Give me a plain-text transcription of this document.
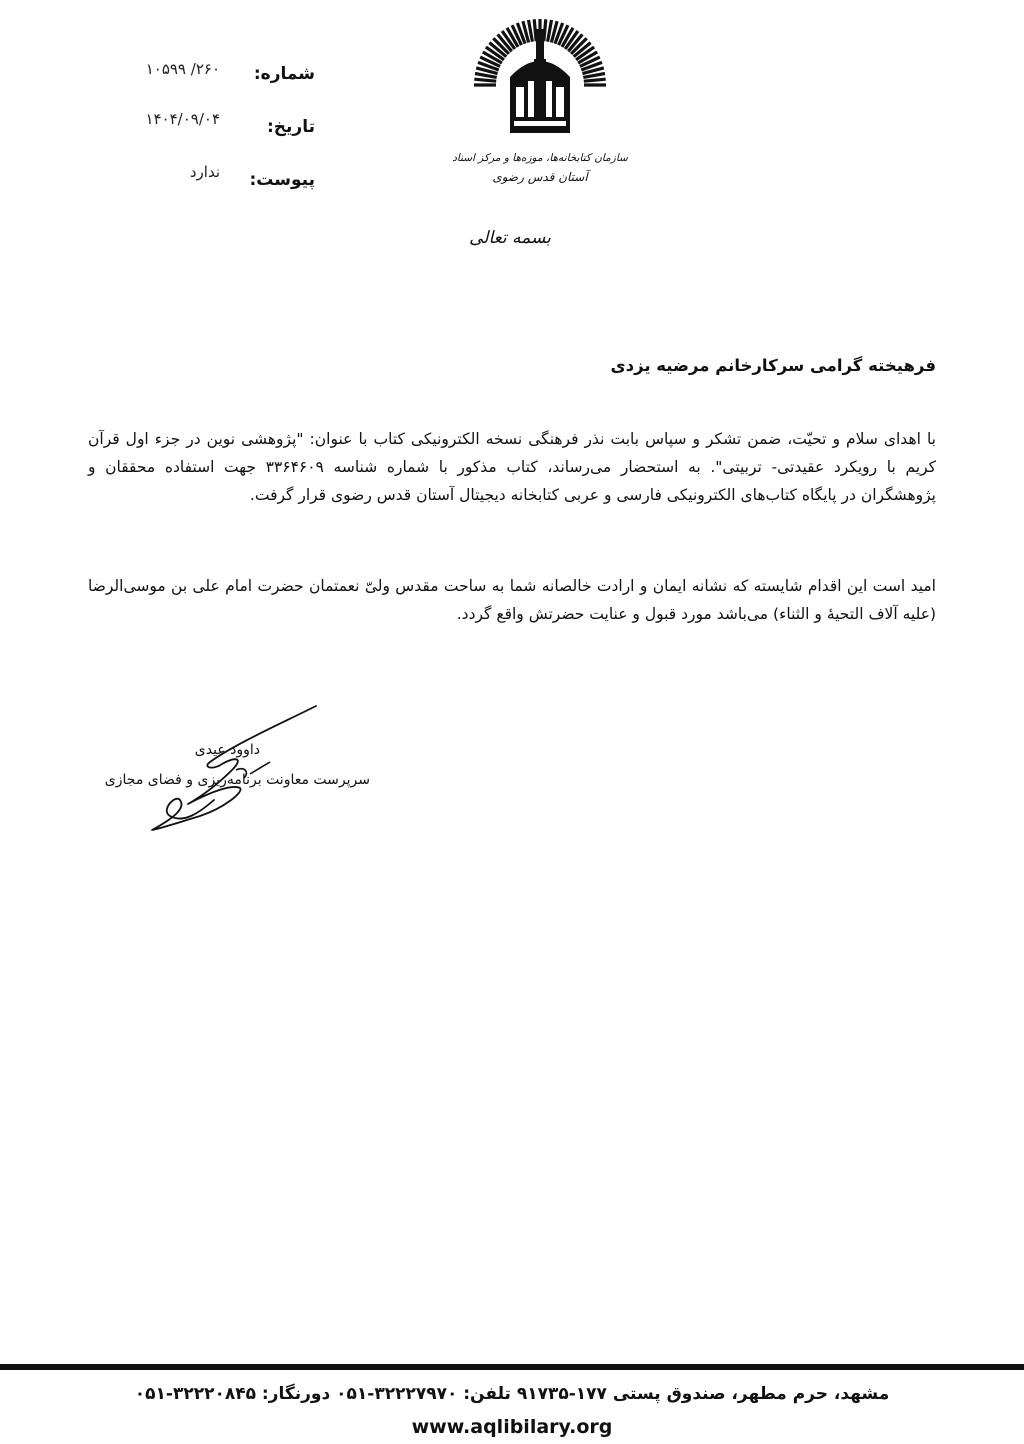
شماره:
۲۶۰/ ۱۰۵۹۹
تاریخ:
۱۴۰۴/۰۹/۰۴
پیوست:
ندارد
سازمان کتابخانه‌ها، موزه‌ها و مرکز اسناد
آستان قدس رضوی
بسمه تعالی
فرهیخته گرامی سرکارخانم مرضیه یزدی

با اهدای سلام و تحیّت، ضمن تشکر و سپاس بابت نذر فرهنگی نسخه الکترونیکی کتاب با عنوان: "پژوهشی نوین در جزء اول قرآن کریم با رویکرد عقیدتی- تربیتی". به استحضار می‌رساند، کتاب مذکور با شماره شناسه ۳۳۶۴۶۰۹ جهت استفاده محققان و پژوهشگران در پایگاه کتاب‌های الکترونیکی فارسی و عربی کتابخانه دیجیتال آستان قدس رضوی قرار گرفت.

امید است این اقدام شایسته که نشانه ایمان و ارادت خالصانه شما به ساحت مقدس ولیّ نعمتمان حضرت امام علی بن موسی‌الرضا (علیه آلاف التحیۀ و الثناء) می‌باشد مورد قبول و عنایت حضرتش واقع گردد.

داوود عیدی
سرپرست معاونت برنامه‌ریزی و فضای مجازی
مشهد، حرم مطهر، صندوق پستی ۱۷۷-۹۱۷۳۵ تلفن: ۳۲۲۲۷۹۷۰-۰۵۱ دورنگار: ۳۲۲۲۰۸۴۵-۰۵۱
www.aqlibilary.org
